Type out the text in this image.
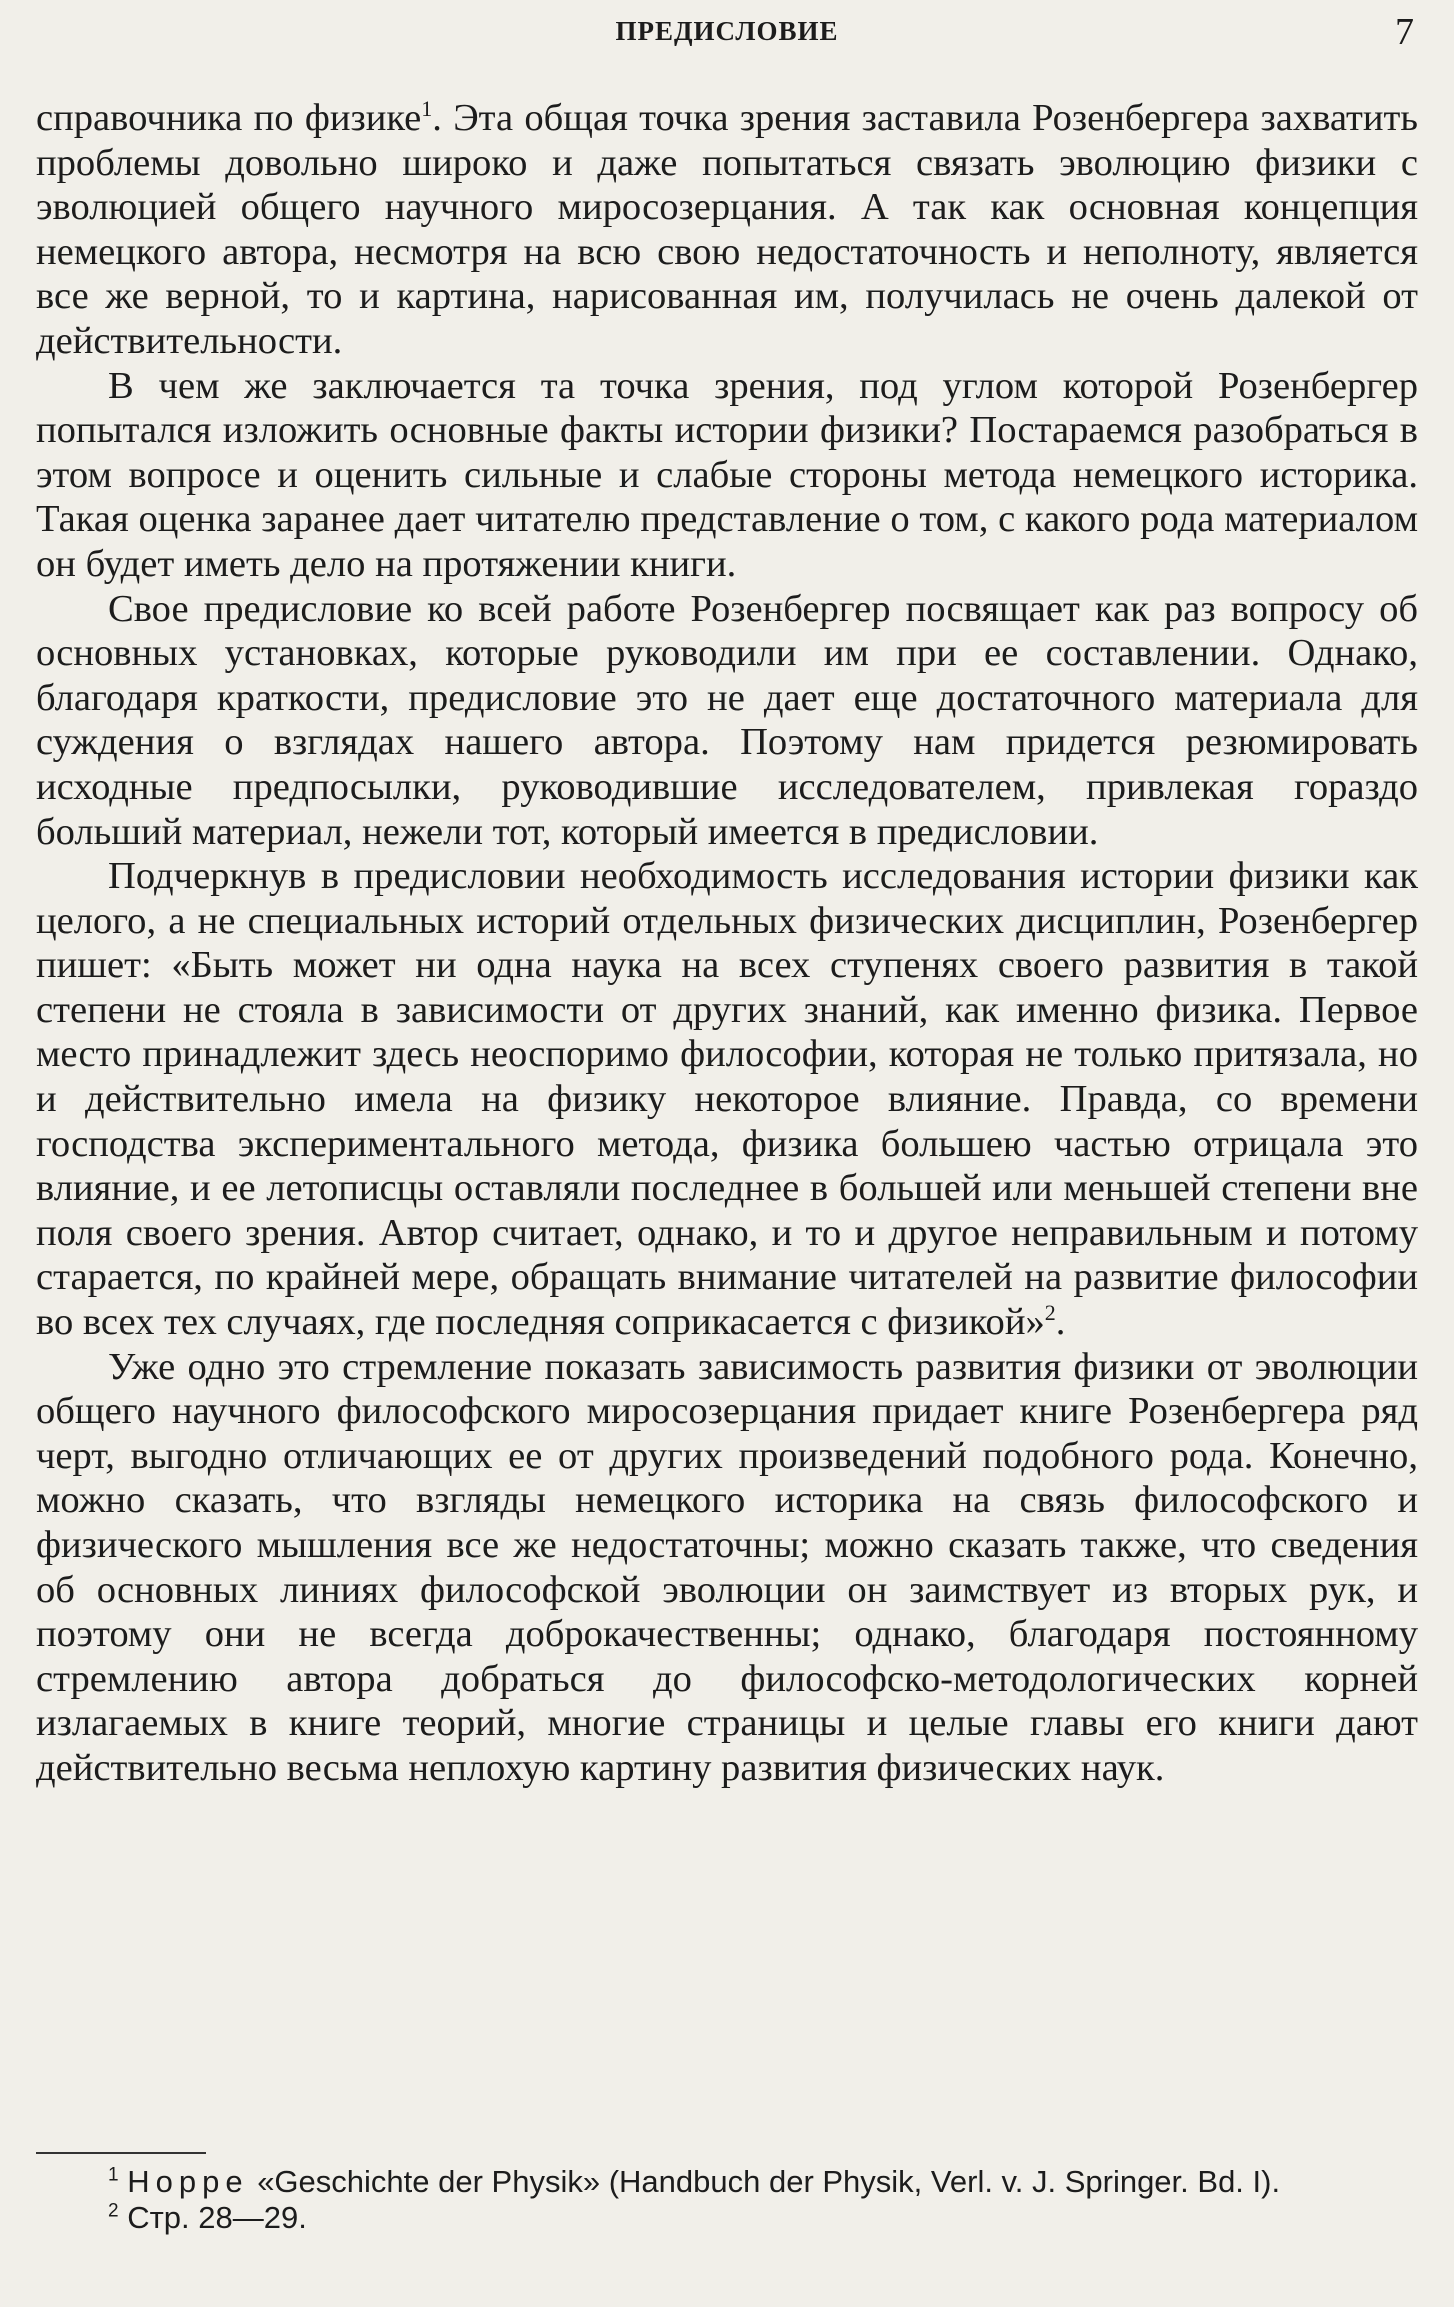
ПРЕДИСЛОВИЕ	7

справочника по физике$^1$. Эта общая точка зрения заставила Розенбергера захватить проблемы довольно широко и даже попытаться связать эволюцию физики с эволюцией общего научного миросозерцания. А так как основная концепция немецкого автора, несмотря на всю свою недостаточность и неполноту, является все же верной, то и картина, нарисованная им, получилась не очень далекой от действительности.

В чем же заключается та точка зрения, под углом которой Розенбергер попытался изложить основные факты истории физики? Постараемся разобраться в этом вопросе и оценить сильные и слабые стороны метода немецкого историка. Такая оценка заранее дает читателю представление о том, с какого рода материалом он будет иметь дело на протяжении книги.

Свое предисловие ко всей работе Розенбергер посвящает как раз вопросу об основных установках, которые руководили им при ее составлении. Однако, благодаря краткости, предисловие это не дает еще достаточного материала для суждения о взглядах нашего автора. Поэтому нам придется резюмировать исходные предпосылки, руководившие исследователем, привлекая гораздо больший материал, нежели тот, который имеется в предисловии.

Подчеркнув в предисловии необходимость исследования истории физики как целого, а не специальных историй отдельных физических дисциплин, Розенбергер пишет: «Быть может ни одна наука на всех ступенях своего развития в такой степени не стояла в зависимости от других знаний, как именно физика. Первое место принадлежит здесь неоспоримо философии, которая не только притязала, но и действительно имела на физику некоторое влияние. Правда, со времени господства экспериментального метода, физика большею частью отрицала это влияние, и ее летописцы оставляли последнее в большей или меньшей степени вне поля своего зрения. Автор считает, однако, и то и другое неправильным и потому старается, по крайней мере, обращать внимание читателей на развитие философии во всех тех случаях, где последняя соприкасается с физикой»$^2$.

Уже одно это стремление показать зависимость развития физики от эволюции общего научного философского миросозерцания придает книге Розенбергера ряд черт, выгодно отличающих ее от других произведений подобного рода. Конечно, можно сказать, что взгляды немецкого историка на связь философского и физического мышления все же недостаточны; можно сказать также, что сведения об основных линиях философской эволюции он заимствует из вторых рук, и поэтому они не всегда доброкачественны; однако, благодаря постоянному стремлению автора добраться до философско-методологических корней излагаемых в книге теорий, многие страницы и целые главы его книги дают действительно весьма неплохую картину развития физических наук.

$^1$ Hoppe «Geschichte der Physik» (Handbuch der Physik, Verl. v. J. Springer. Bd. I).

$^2$ Стр. 28—29.
